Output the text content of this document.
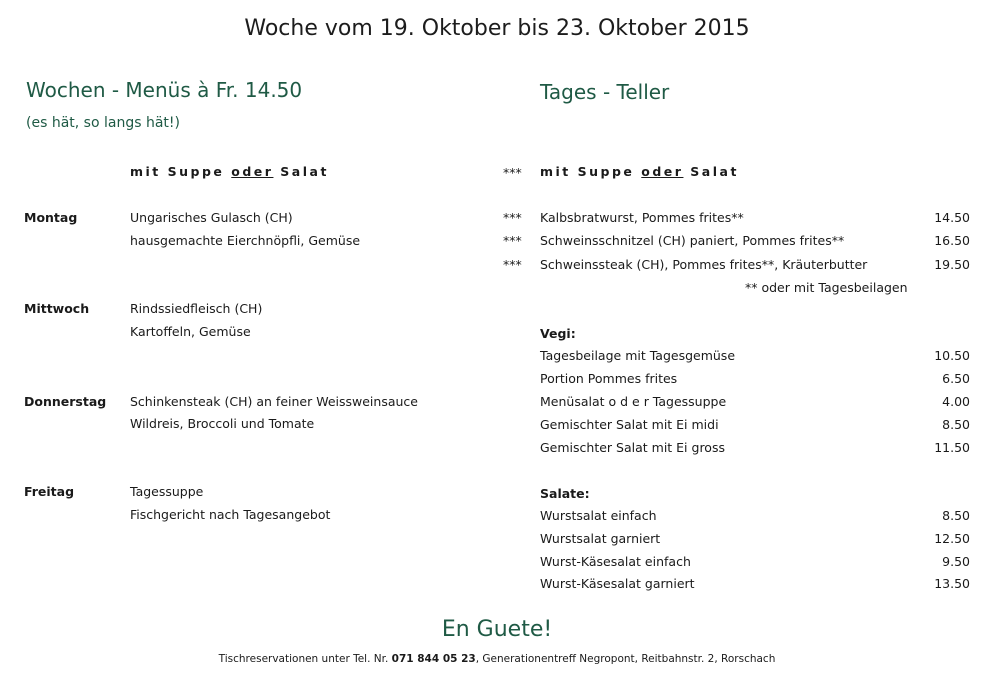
Woche vom 19. Oktober bis 23. Oktober 2015
Wochen - Menüs à Fr. 14.50
(es hät, so langs hät!)
Tages - Teller
mit Suppe oder Salat	*** mit Suppe oder Salat
Montag	Ungarisches Gulasch (CH)
hausgemachte Eierchnöpfli, Gemüse
Mittwoch	Rindssiedfleisch (CH)
Kartoffeln, Gemüse
Donnerstag Schinkensteak (CH) an feiner Weissweinsauce
Wildreis, Broccoli und Tomate
Freitag	Tagessuppe
Fischgericht nach Tagesangebot
*** Kalbsbratwurst, Pommes frites**	14.50
*** Schweinsschnitzel (CH) paniert, Pommes frites**	16.50
*** Schweinssteak (CH), Pommes frites**, Kräuterbutter	19.50
** oder mit Tagesbeilagen
Vegi:
Tagesbeilage mit Tagesgemüse	10.50
Portion Pommes frites	6.50
Menüsalat o d e r Tagessuppe	4.00
Gemischter Salat mit Ei midi	8.50
Gemischter Salat mit Ei gross	11.50
Salate:
Wurstsalat einfach	8.50
Wurstsalat garniert	12.50
Wurst-Käsesalat einfach	9.50
Wurst-Käsesalat garniert	13.50
En Guete!
Tischreservationen unter Tel. Nr. 071 844 05 23, Generationentreff Negropont, Reitbahnstr. 2, Rorschach
